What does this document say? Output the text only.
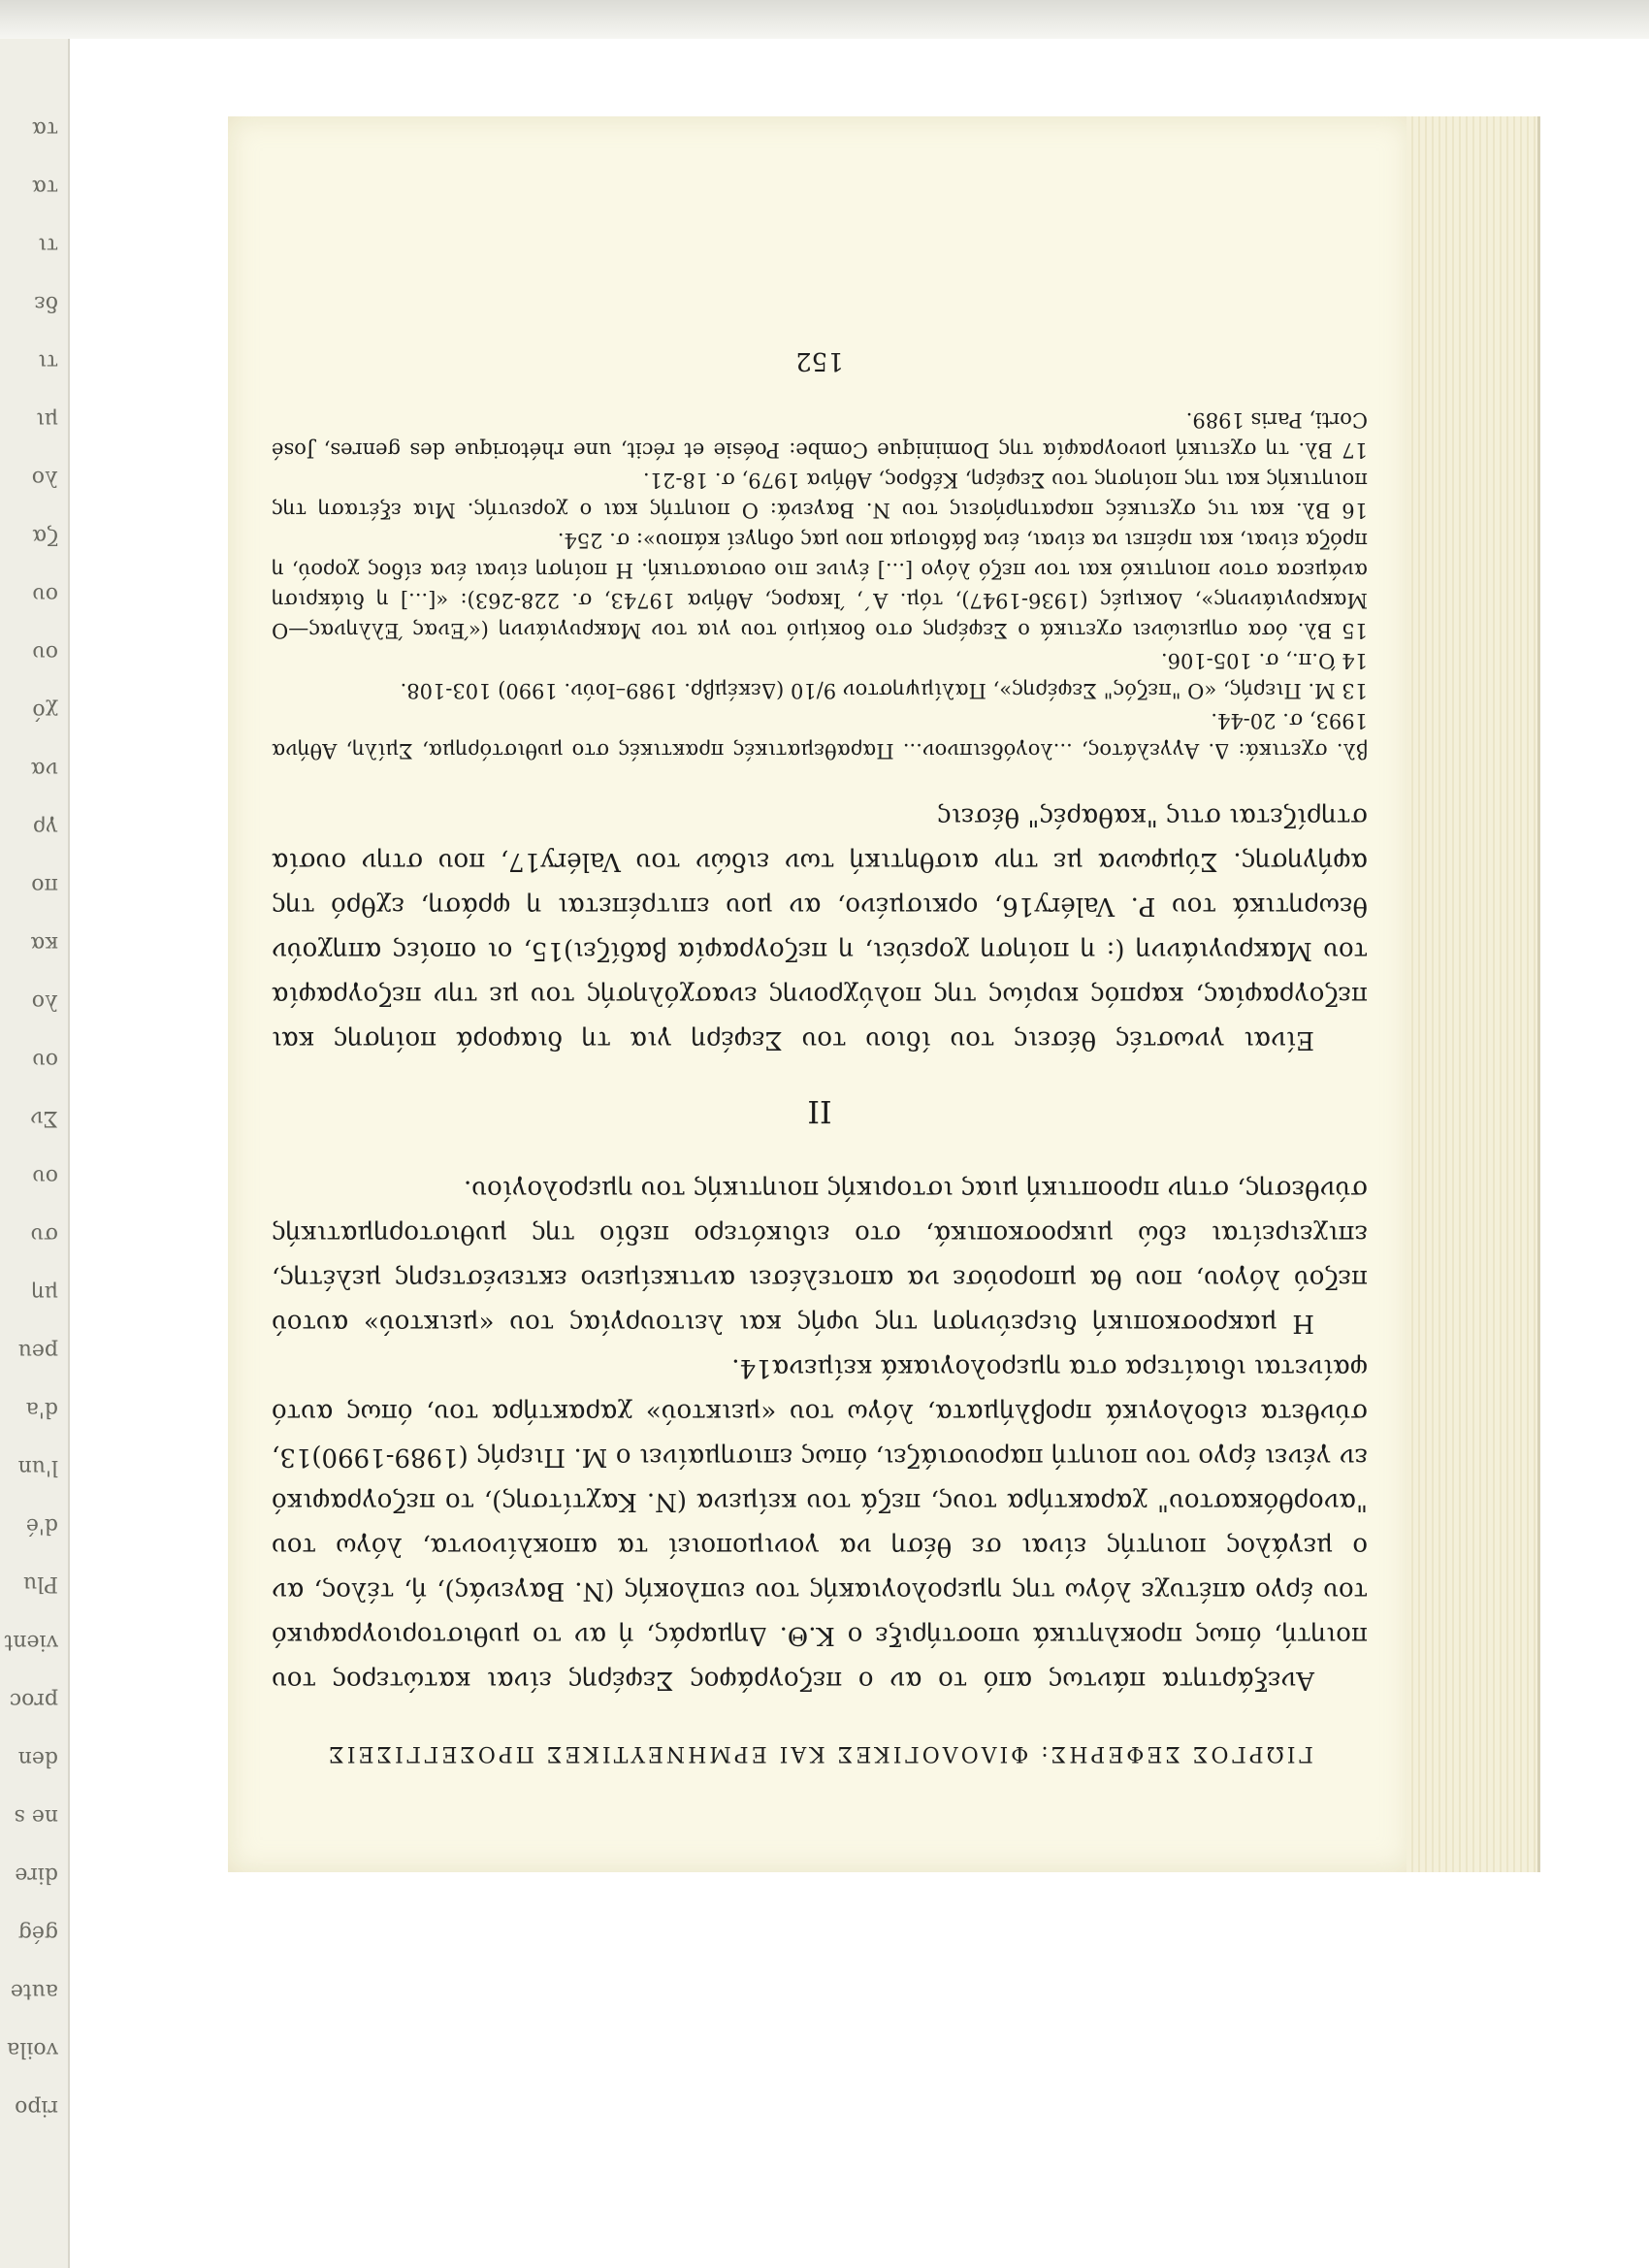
τα
τα
τι
δε
τι
μι
λο
ζα
ου
ου
χό
να
γρ
πο
κα
λο
ου
Σν
ου
συ
μη
peu
d'a
l'un
d'é
Plu
vient
proc
den
ne s
dire
gég
aute
voila
ripo
ΓΙΩΡΓΟΣ ΣΕΦΕΡΗΣ: ΦΙΛΟΛΟΓΙΚΕΣ ΚΑΙ ΕΡΜΗΝΕΥΤΙΚΕΣ ΠΡΟΣΕΓΓΙΣΕΙΣ

Ανεξάρτητα πάντως από το αν ο πεζογράφος Σεφέρης είναι κατώτερος του ποιητή, όπως προκλητικά υποστήριξε ο Κ.Θ. Δημαράς, ή αν το μυθιστοριογραφικό του έργο απέτυχε λόγω της ημερολογιακής του ευπλοκής (Ν. Βαγενάς), ή, τέλος, αν ο μεγάλος ποιητής είναι σε θέση να γονιμοποιεί τα αποκλίνοντα, λόγω του "ανορθόκαστου" χαρακτήρα τους, πεζά του κείμενα (Ν. Καχτίτσης), το πεζογραφικό εν γένει έργο του ποιητή παρουσιάζει, όπως επισημαίνει ο Μ. Πιερής (1989-1990)13, σύνθετα ειδολογικά προβλήματα, λόγω του «μεικτού» χαρακτήρα του, όπως αυτό φαίνεται ιδιαίτερα στα ημερολογιακά κείμενα14.

Η μακροσκοπική διερεύνηση της υφής και λειτουργίας του «μεικτού» αυτού πεζού λόγου, που θα μπορούσε να αποτελέσει αντικείμενο εκτενέστερης μελέτης, επιχειρείται εδώ μικροσκοπικά, στο ειδικότερο πεδίο της μυθιστορηματικής σύνθεσης, στην προοπτική μιας ιστορικής ποιητικής του ημερολογίου.

II

Είναι γνωστές θέσεις του ίδιου του Σεφέρη για τη διαφορά ποίησης και πεζογραφίας, καρπός κυρίως της πολύχρονης ενασχόλησής του με την πεζογραφία του Μακρυγιάννη (: η ποίηση χορεύει, η πεζογραφία βαδίζει)15, οι οποίες απηχούν θεωρητικά του Ρ. Valéry16, ορκισμένο, αν μου επιτρέπεται η φράση, εχθρό της αφήγησης. Σύμφωνα με την αισθητική των ειδών του Valéry17, που στην ουσία στηρίζεται στις "καθαρές" θέσεις

βλ. σχετικά: Δ. Αγγελάτος, ...λογόδειπνον... Παραθεματικές πρακτικές στο μυθιστόρημα, Σμίλη, Αθήνα 1993, σ. 20-44.

13 Μ. Πιερής, «Ο "πεζός" Σεφέρης», Παλίμψηστον 9/10 (Δεκέμβρ. 1989–Ιούν. 1990) 103-108.

14 Ό.π., σ. 105-106.

15 Βλ. όσα σημειώνει σχετικά ο Σεφέρης στο δοκίμιό του για τον Μακρυγιάννη («Ένας Έλληνας—Ο Μακρυγιάννης», Δοκιμές (1936-1947), τόμ. Α΄, Ίκαρος, Αθήνα 19743, σ. 228-263): «[...] η διάκριση ανάμεσα στον ποιητικό και τον πεζό λόγο [...] έγινε πιο ουσιαστική. Η ποίηση είναι ένα είδος χορού, η πρόζα είναι, και πρέπει να είναι, ένα βάδισμα που μας οδηγεί κάπου»: σ. 254.

16 Βλ. και τις σχετικές παρατηρήσεις του Ν. Βαγενά: Ο ποιητής και ο χορευτής. Μια εξέταση της ποιητικής και της ποίησης του Σεφέρη, Κέδρος, Αθήνα 1979, σ. 18-21.

17 Βλ. τη σχετική μονογραφία της Dominique Combe: Poésie et récit, une rhétorique des genres, José Corti, Paris 1989.

152
